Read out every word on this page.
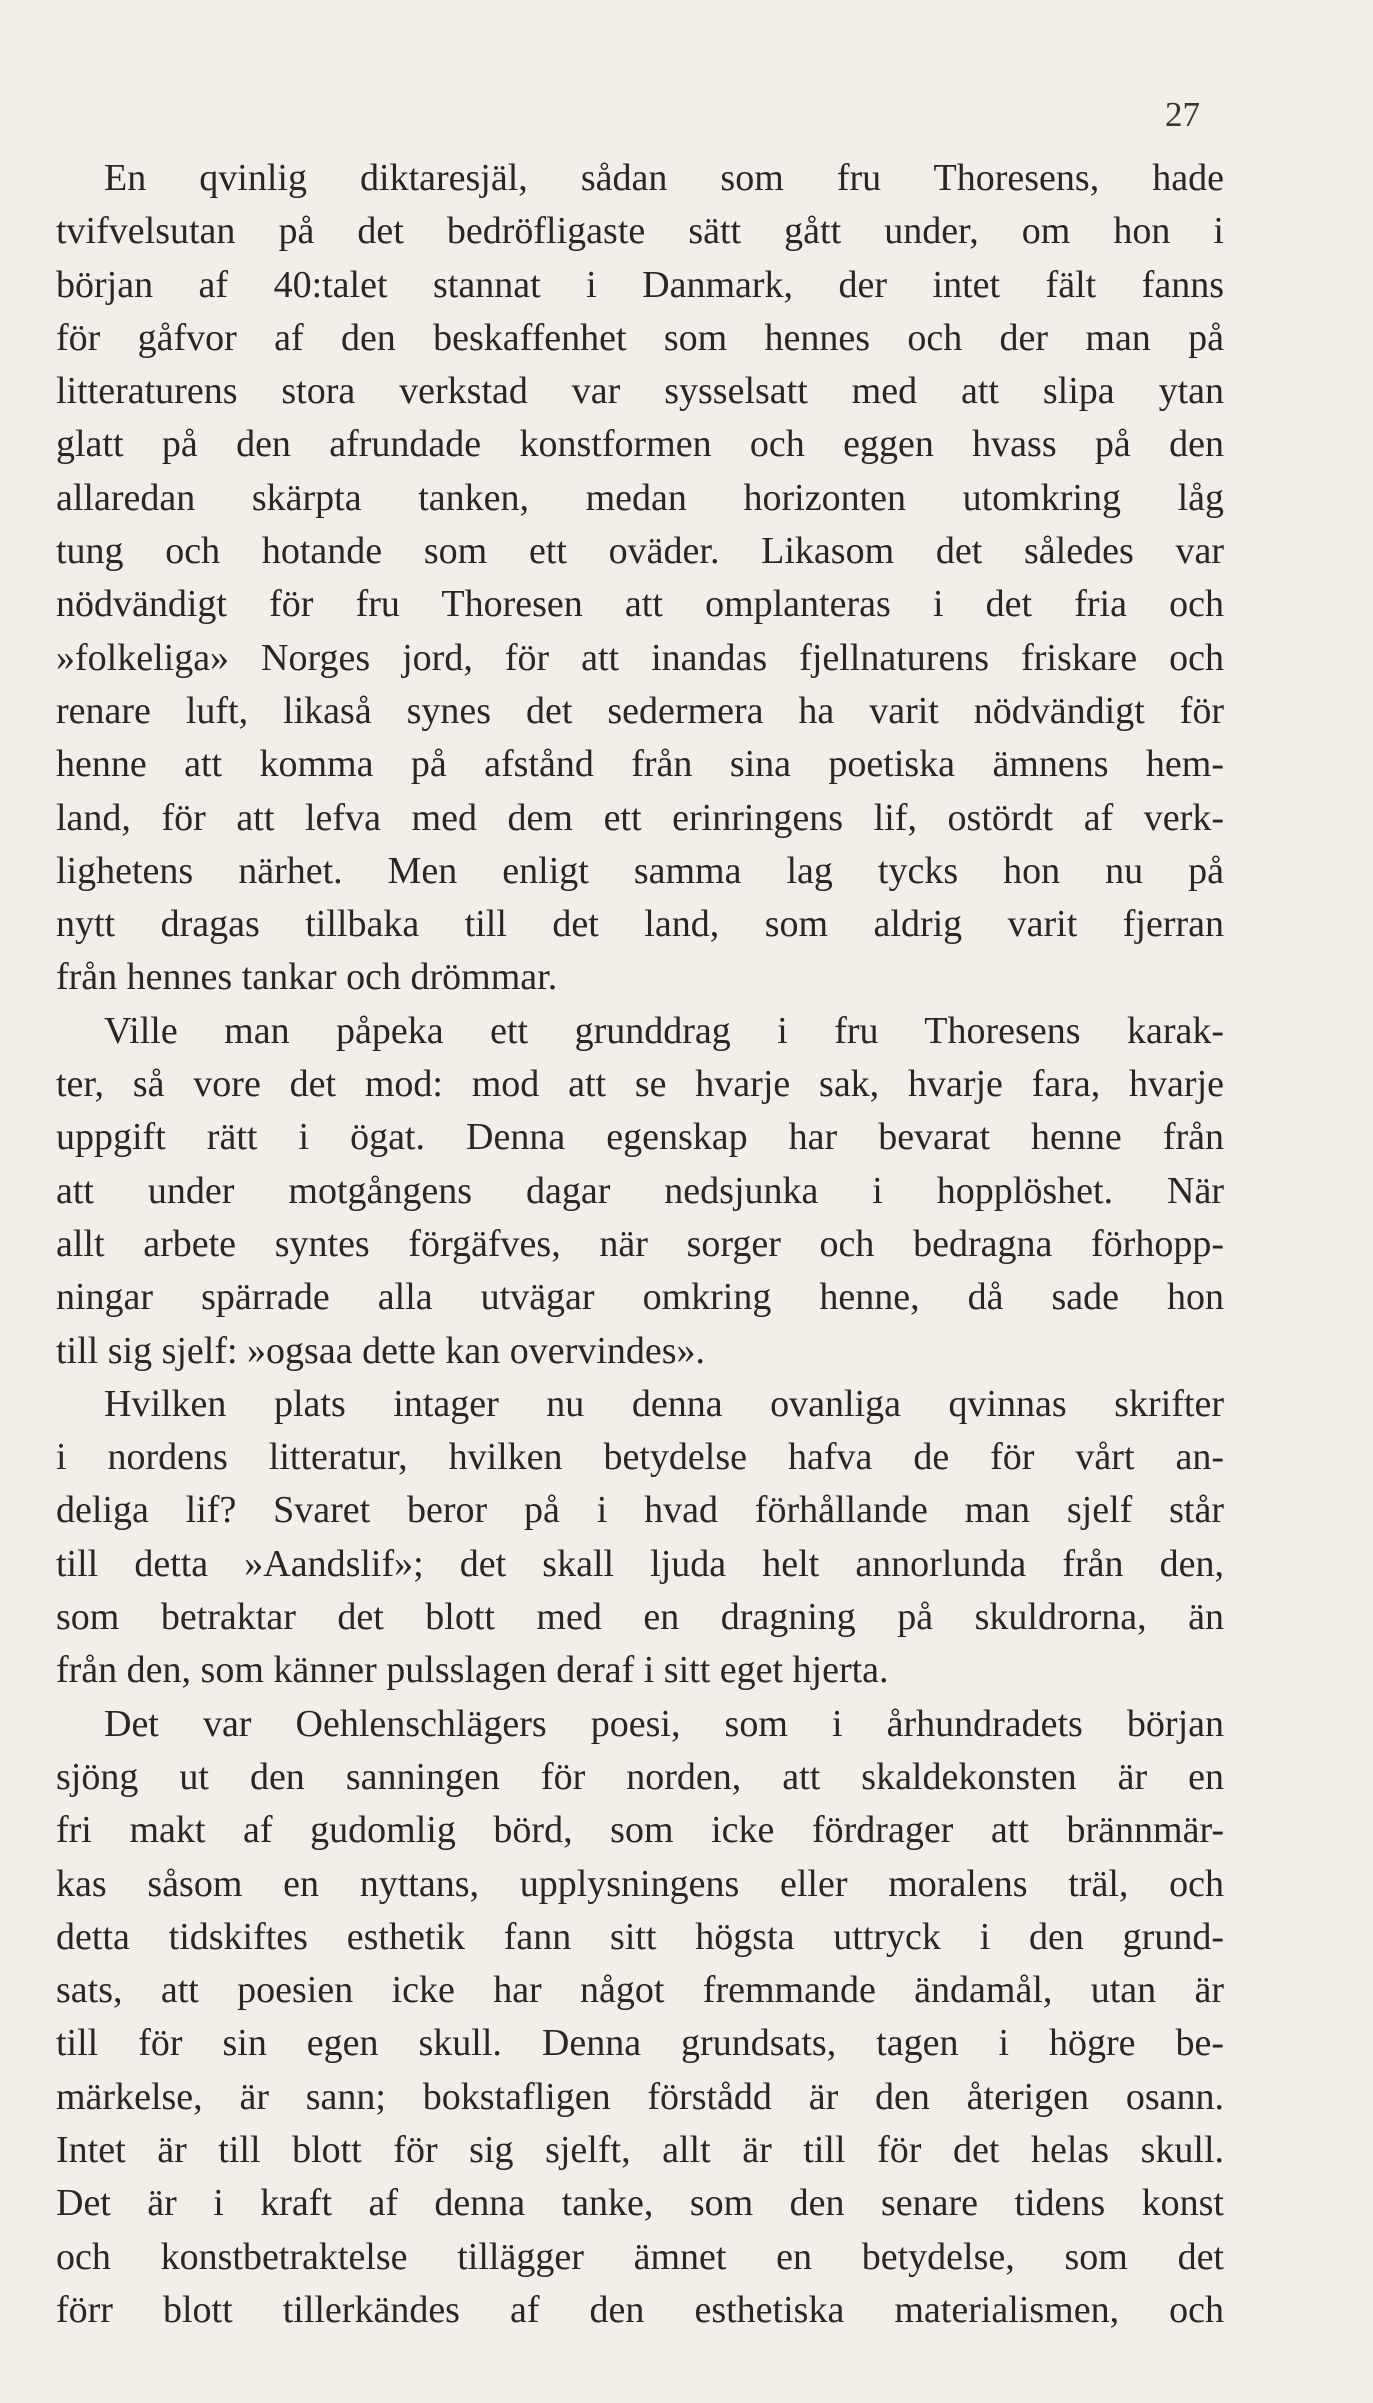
27
En qvinlig diktaresjäl, sådan som fru Thoresens, hade
tvifvelsutan på det bedröfligaste sätt gått under, om hon i
början af 40:talet stannat i Danmark, der intet fält fanns
för gåfvor af den beskaffenhet som hennes och der man på
litteraturens stora verkstad var sysselsatt med att slipa ytan
glatt på den afrundade konstformen och eggen hvass på den
allaredan skärpta tanken, medan horizonten utomkring låg
tung och hotande som ett oväder. Likasom det således var
nödvändigt för fru Thoresen att omplanteras i det fria och
»folkeliga» Norges jord, för att inandas fjellnaturens friskare och
renare luft, likaså synes det sedermera ha varit nödvändigt för
henne att komma på afstånd från sina poetiska ämnens hem-
land, för att lefva med dem ett erinringens lif, ostördt af verk-
lighetens närhet. Men enligt samma lag tycks hon nu på
nytt dragas tillbaka till det land, som aldrig varit fjerran
från hennes tankar och drömmar.
Ville man påpeka ett grunddrag i fru Thoresens karak-
ter, så vore det mod: mod att se hvarje sak, hvarje fara, hvarje
uppgift rätt i ögat. Denna egenskap har bevarat henne från
att under motgångens dagar nedsjunka i hopplöshet. När
allt arbete syntes förgäfves, när sorger och bedragna förhopp-
ningar spärrade alla utvägar omkring henne, då sade hon
till sig sjelf: »ogsaa dette kan overvindes».
Hvilken plats intager nu denna ovanliga qvinnas skrifter
i nordens litteratur, hvilken betydelse hafva de för vårt an-
deliga lif? Svaret beror på i hvad förhållande man sjelf står
till detta »Aandslif»; det skall ljuda helt annorlunda från den,
som betraktar det blott med en dragning på skuldrorna, än
från den, som känner pulsslagen deraf i sitt eget hjerta.
Det var Oehlenschlägers poesi, som i århundradets början
sjöng ut den sanningen för norden, att skaldekonsten är en
fri makt af gudomlig börd, som icke fördrager att brännmär-
kas såsom en nyttans, upplysningens eller moralens träl, och
detta tidskiftes esthetik fann sitt högsta uttryck i den grund-
sats, att poesien icke har något fremmande ändamål, utan är
till för sin egen skull. Denna grundsats, tagen i högre be-
märkelse, är sann; bokstafligen förstådd är den återigen osann.
Intet är till blott för sig sjelft, allt är till för det helas skull.
Det är i kraft af denna tanke, som den senare tidens konst
och konstbetraktelse tillägger ämnet en betydelse, som det
förr blott tillerkändes af den esthetiska materialismen, och
